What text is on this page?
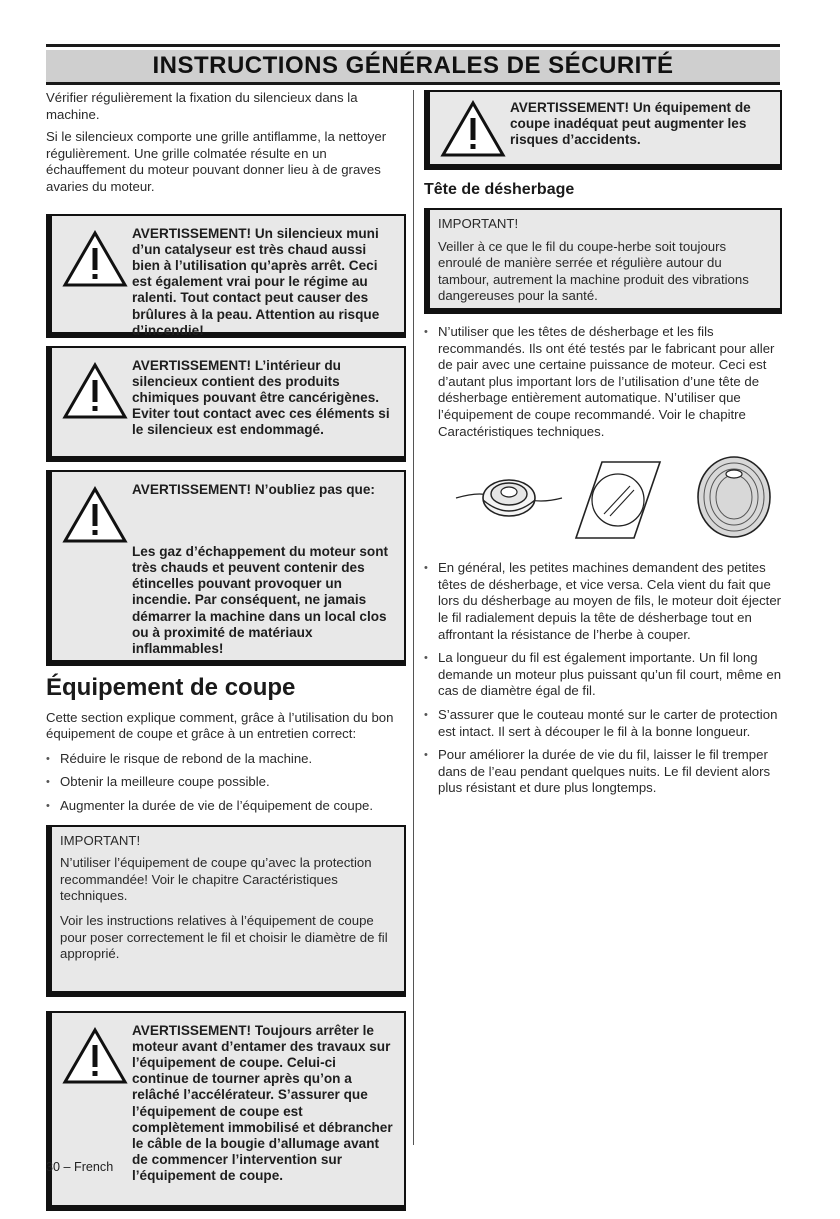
INSTRUCTIONS GÉNÉRALES DE SÉCURITÉ

Vérifier régulièrement la fixation du silencieux dans la machine.

Si le silencieux comporte une grille antiflamme, la nettoyer régulièrement. Une grille colmatée résulte en un échauffement du moteur pouvant donner lieu à de graves avaries du moteur.

AVERTISSEMENT! Un silencieux muni d’un catalyseur est très chaud aussi bien à l’utilisation qu’après arrêt. Ceci est également vrai pour le régime au ralenti. Tout contact peut causer des brûlures à la peau. Attention au risque d’incendie!
AVERTISSEMENT! L’intérieur du silencieux contient des produits chimiques pouvant être cancérigènes. Eviter tout contact avec ces éléments si le silencieux est endommagé.
AVERTISSEMENT! N’oubliez pas que:
Les gaz d’échappement du moteur sont très chauds et peuvent contenir des étincelles pouvant provoquer un incendie. Par conséquent, ne jamais démarrer la machine dans un local clos ou à proximité de matériaux inflammables!
Équipement de coupe

Cette section explique comment, grâce à l’utilisation du bon équipement de coupe et grâce à un entretien correct:

• Réduire le risque de rebond de la machine.
• Obtenir la meilleure coupe possible.
• Augmenter la durée de vie de l’équipement de coupe.

IMPORTANT!

N’utiliser l’équipement de coupe qu’avec la protection recommandée! Voir le chapitre Caractéristiques techniques.

Voir les instructions relatives à l’équipement de coupe pour poser correctement le fil et choisir le diamètre de fil approprié.

AVERTISSEMENT! Toujours arrêter le moteur avant d’entamer des travaux sur l’équipement de coupe. Celui-ci continue de tourner après qu’on a relâché l’accélérateur. S’assurer que l’équipement de coupe est complètement immobilisé et débrancher le câble de la bougie d’allumage avant de commencer l’intervention sur l’équipement de coupe.
AVERTISSEMENT! Un équipement de coupe inadéquat peut augmenter les risques d’accidents.
Tête de désherbage

IMPORTANT!

Veiller à ce que le fil du coupe-herbe soit toujours enroulé de manière serrée et régulière autour du tambour, autrement la machine produit des vibrations dangereuses pour la santé.

• N’utiliser que les têtes de désherbage et les fils recommandés. Ils ont été testés par le fabricant pour aller de pair avec une certaine puissance de moteur. Ceci est d’autant plus important lors de l’utilisation d’une tête de désherbage entièrement automatique. N’utiliser que l’équipement de coupe recommandé. Voir le chapitre Caractéristiques techniques.
• En général, les petites machines demandent des petites têtes de désherbage, et vice versa. Cela vient du fait que lors du désherbage au moyen de fils, le moteur doit éjecter le fil radialement depuis la tête de désherbage tout en affrontant la résistance de l’herbe à couper.
• La longueur du fil est également importante. Un fil long demande un moteur plus puissant qu’un fil court, même en cas de diamètre égal de fil.
• S’assurer que le couteau monté sur le carter de protection est intact. Il sert à découper le fil à la bonne longueur.
• Pour améliorer la durée de vie du fil, laisser le fil tremper dans de l’eau pendant quelques nuits. Le fil devient alors plus résistant et dure plus longtemps.
30 – French
